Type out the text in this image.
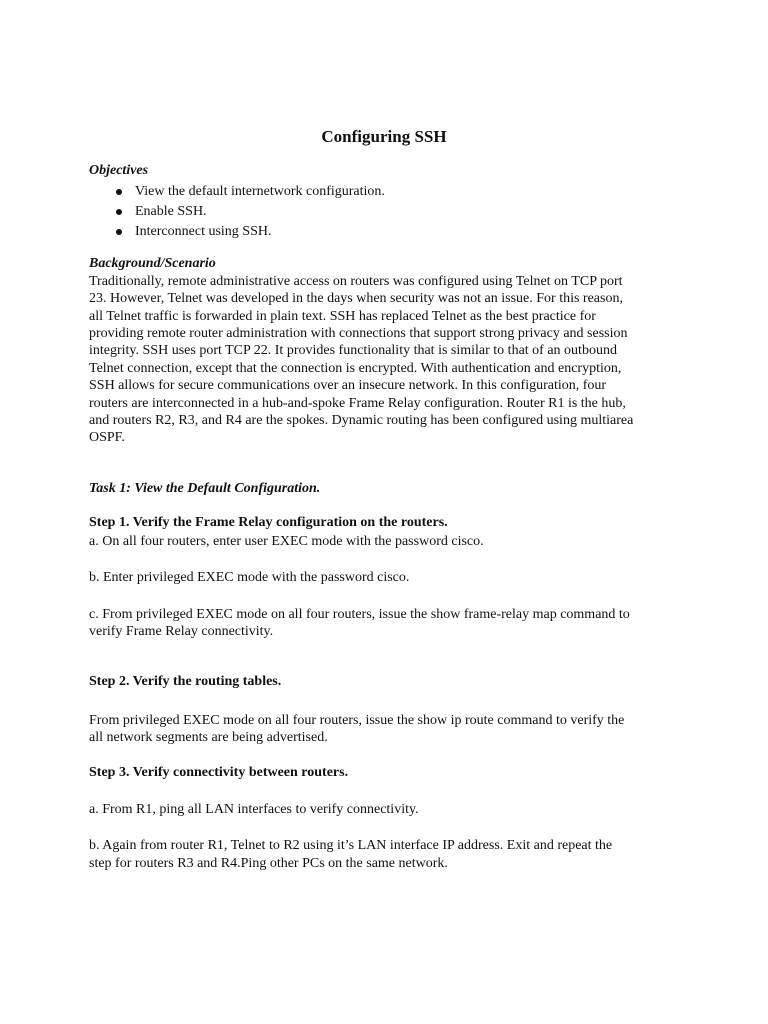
Configuring SSH

Objectives

View the default internetwork configuration.
Enable SSH.
Interconnect using SSH.

Background/Scenario

Traditionally, remote administrative access on routers was configured using Telnet on TCP port
23. However, Telnet was developed in the days when security was not an issue. For this reason,
all Telnet traffic is forwarded in plain text. SSH has replaced Telnet as the best practice for
providing remote router administration with connections that support strong privacy and session
integrity. SSH uses port TCP 22. It provides functionality that is similar to that of an outbound
Telnet connection, except that the connection is encrypted. With authentication and encryption,
SSH allows for secure communications over an insecure network. In this configuration, four
routers are interconnected in a hub-and-spoke Frame Relay configuration. Router R1 is the hub,
and routers R2, R3, and R4 are the spokes. Dynamic routing has been configured using multiarea
OSPF.

Task 1: View the Default Configuration.

Step 1. Verify the Frame Relay configuration on the routers.

a. On all four routers, enter user EXEC mode with the password cisco.

b. Enter privileged EXEC mode with the password cisco.

c. From privileged EXEC mode on all four routers, issue the show frame-relay map command to
verify Frame Relay connectivity.

Step 2. Verify the routing tables.

From privileged EXEC mode on all four routers, issue the show ip route command to verify the
all network segments are being advertised.

Step 3. Verify connectivity between routers.

a. From R1, ping all LAN interfaces to verify connectivity.

b. Again from router R1, Telnet to R2 using it’s LAN interface IP address. Exit and repeat the
step for routers R3 and R4.Ping other PCs on the same network.
